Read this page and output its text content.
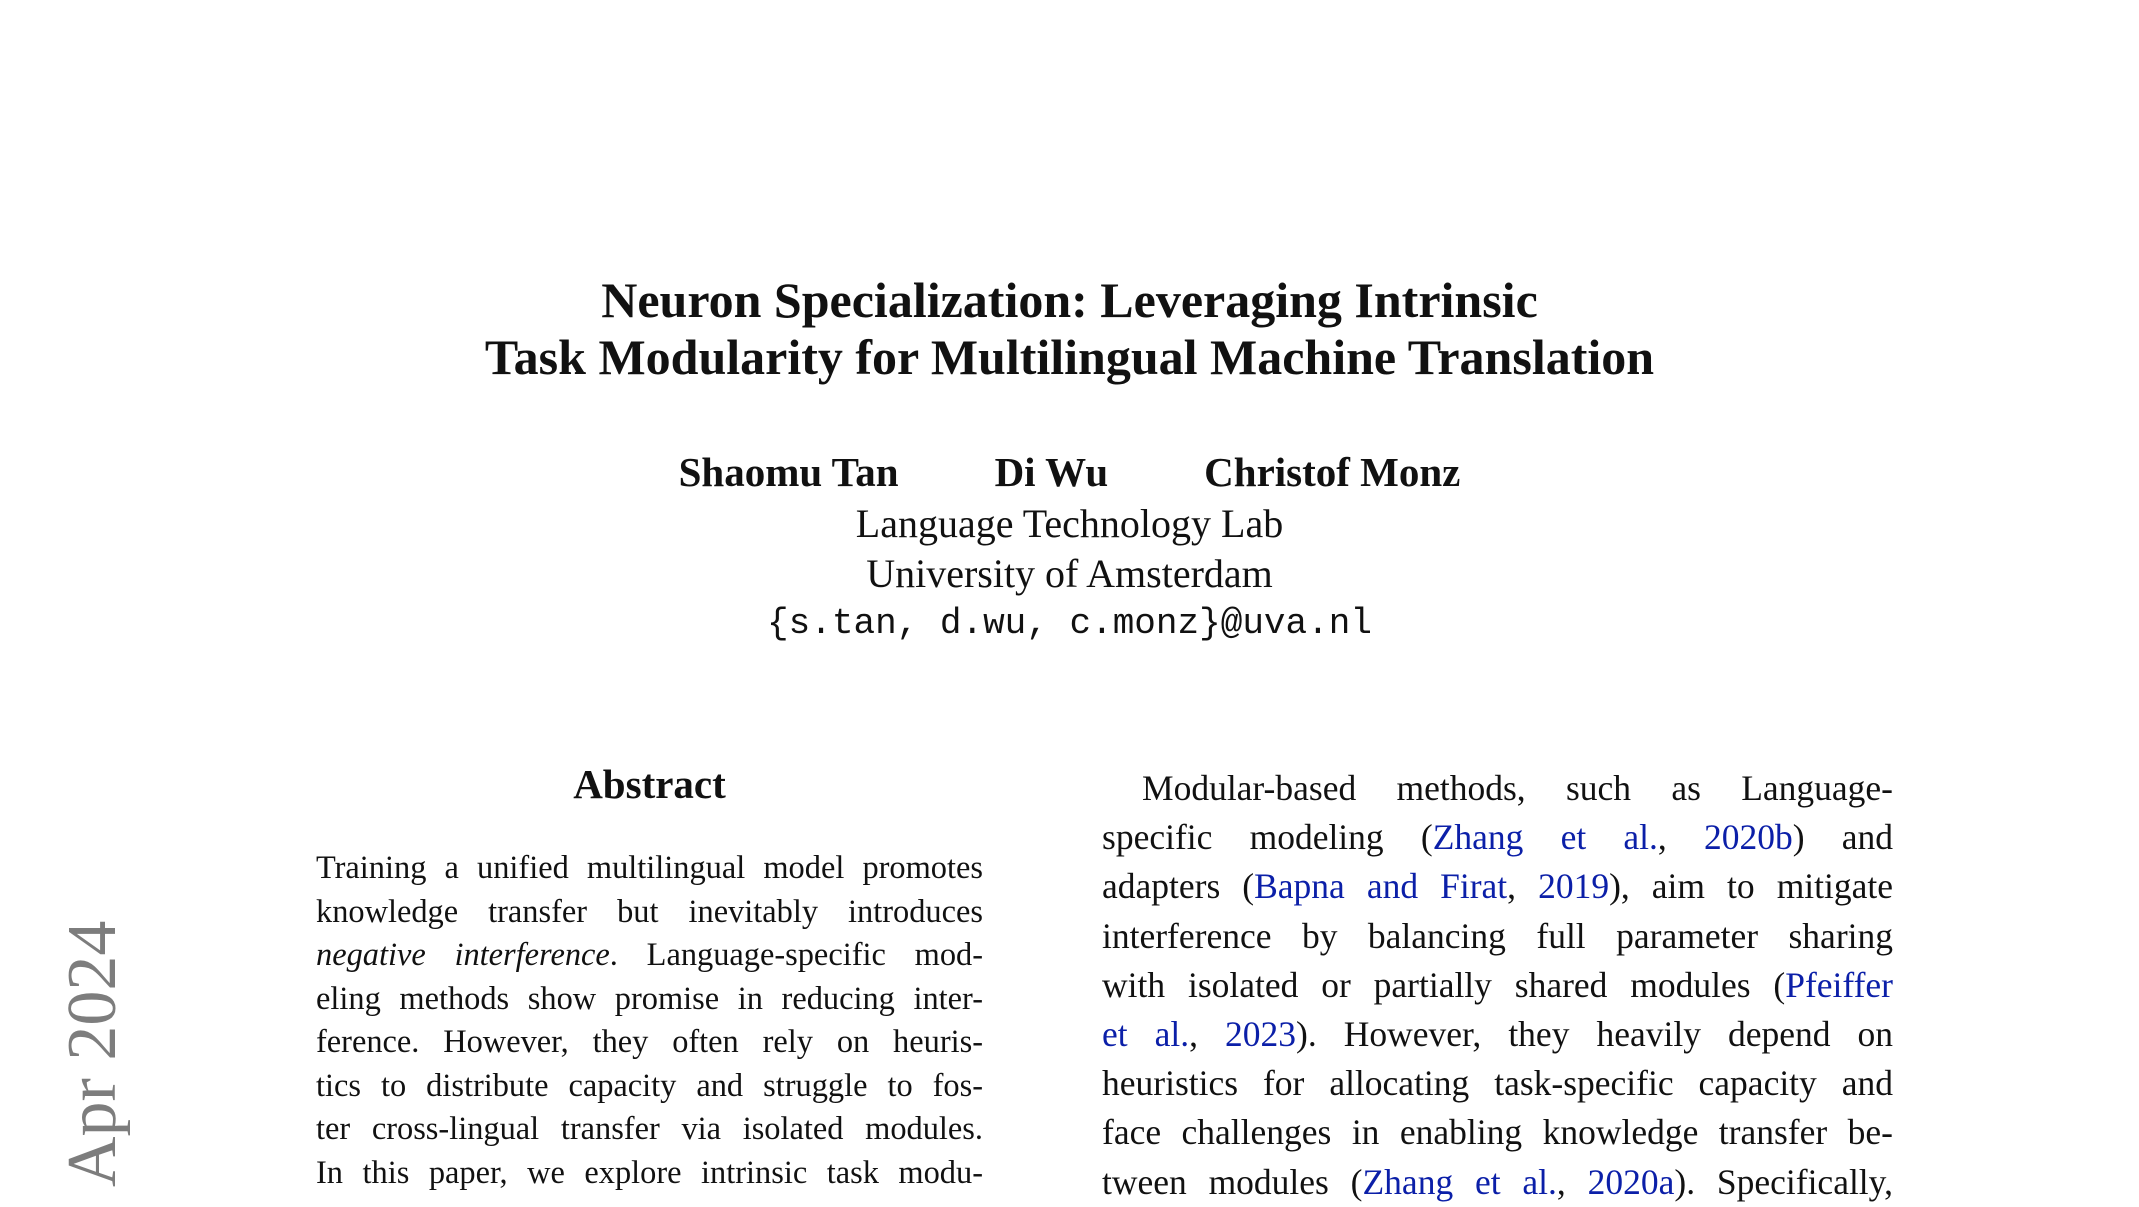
Neuron Specialization: Leveraging Intrinsic
Task Modularity for Multilingual Machine Translation
Shaomu Tan Di Wu Christof Monz
Language Technology Lab
University of Amsterdam
{s.tan, d.wu, c.monz}@uva.nl
Abstract
Training a unified multilingual model promotes
knowledge transfer but inevitably introduces
negative interference. Language-specific mod-
eling methods show promise in reducing inter-
ference. However, they often rely on heuris-
tics to distribute capacity and struggle to fos-
ter cross-lingual transfer via isolated modules.
In this paper, we explore intrinsic task modu-
Modular-based methods, such as Language-
specific modeling (Zhang et al., 2020b) and
adapters (Bapna and Firat, 2019), aim to mitigate
interference by balancing full parameter sharing
with isolated or partially shared modules (Pfeiffer
et al., 2023). However, they heavily depend on
heuristics for allocating task-specific capacity and
face challenges in enabling knowledge transfer be-
tween modules (Zhang et al., 2020a). Specifically,
Apr 2024
